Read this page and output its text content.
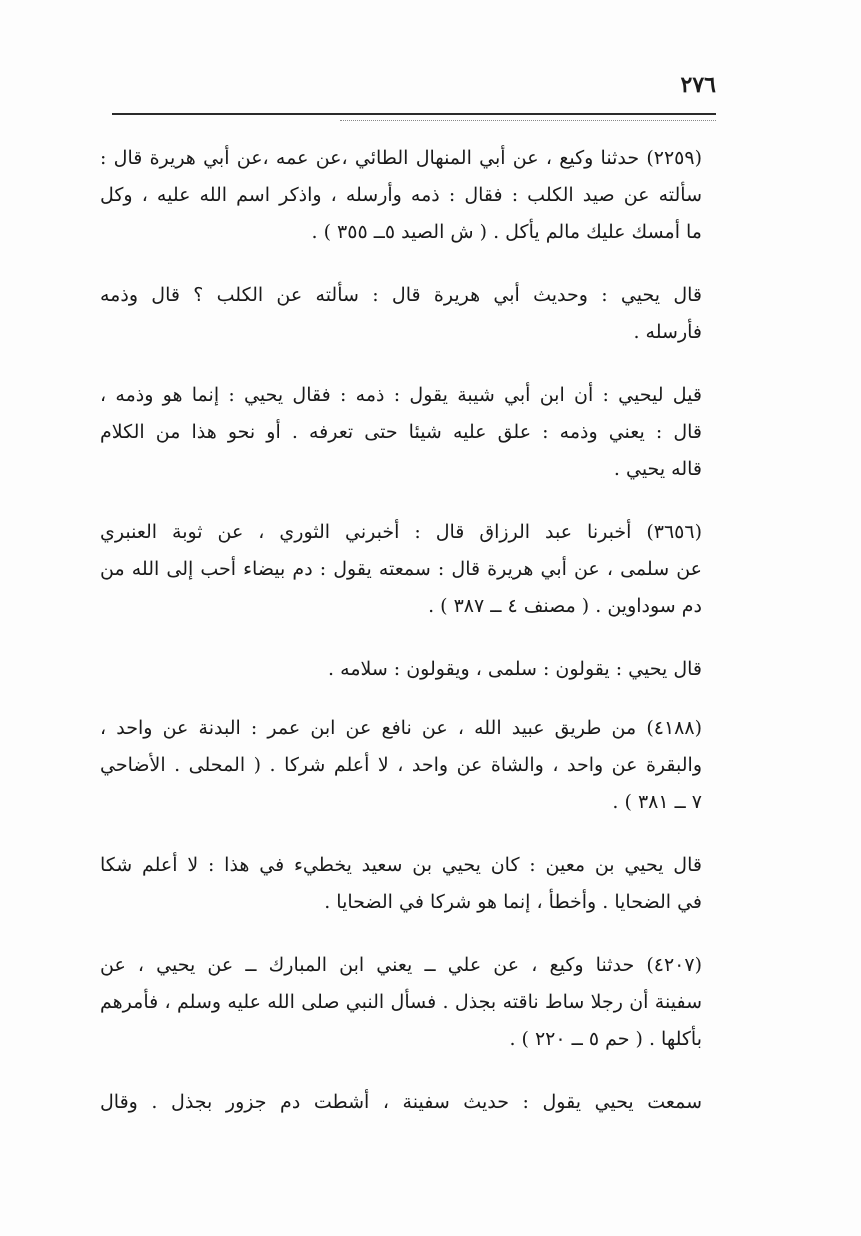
٢٧٦

(٢٢٥٩) حدثنا وكيع ، عن أبي المنهال الطائي ،عن عمه ،عن أبي هريرة قال :
سألته عن صيد الكلب : فقال : ذمه وأرسله ، واذكر اسم الله عليه ، وكل
ما أمسك عليك مالم يأكل . ( ش الصيد ٥ــ ٣٥٥ ) .

قال يحيي : وحديث أبي هريرة قال : سألته عن الكلب ؟ قال وذمه
فأرسله .

قيل ليحيي : أن ابن أبي شيبة يقول : ذمه : فقال يحيي : إنما هو وذمه ،
قال : يعني وذمه : علق عليه شيئا حتى تعرفه . أو نحو هذا من الكلام
قاله يحيي .

(٣٦٥٦) أخبرنا عبد الرزاق قال : أخبرني الثوري ، عن ثوبة العنبري
عن سلمى ، عن أبي هريرة قال : سمعته يقول : دم بيضاء أحب إلى الله من
دم سوداوين . ( مصنف ٤ ــ ٣٨٧ ) .

قال يحيي : يقولون : سلمى ، ويقولون : سلامه .

(٤١٨٨) من طريق عبيد الله ، عن نافع عن ابن عمر : البدنة عن واحد ،
والبقرة عن واحد ، والشاة عن واحد ، لا أعلم شركا . ( المحلى . الأضاحي
٧ ــ ٣٨١ ) .

قال يحيي بن معين : كان يحيي بن سعيد يخطيء في هذا : لا أعلم شكا
في الضحايا . وأخطأ ، إنما هو شركا في الضحايا .

(٤٢٠٧) حدثنا وكيع ، عن علي ــ يعني ابن المبارك ــ عن يحيي ، عن
سفينة أن رجلا ساط ناقته بجذل . فسأل النبي صلى الله عليه وسلم ، فأمرهم
بأكلها . ( حم ٥ ــ ٢٢٠ ) .

سمعت يحيي يقول : حديث سفينة ، أشطت دم جزور بجذل . وقال
